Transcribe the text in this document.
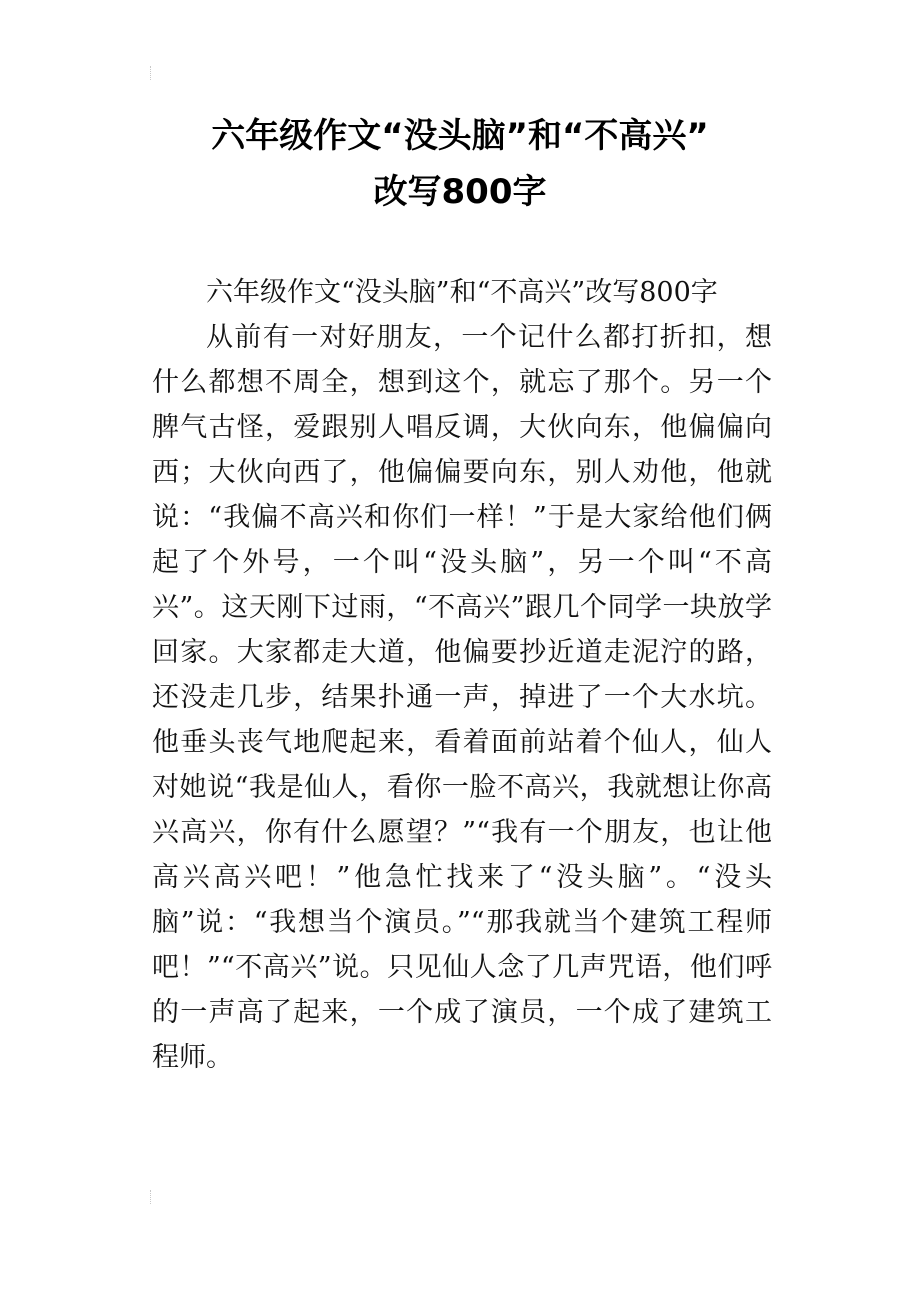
六年级作文“没头脑”和“不高兴”
改写800字

六年级作文“没头脑”和“不高兴”改写800字

从前有一对好朋友，一个记什么都打折扣，想什么都想不周全，想到这个，就忘了那个。另一个脾气古怪，爱跟别人唱反调，大伙向东，他偏偏向西；大伙向西了，他偏偏要向东，别人劝他，他就说：“我偏不高兴和你们一样！”于是大家给他们俩起了个外号，一个叫“没头脑”，另一个叫“不高兴”。这天刚下过雨，“不高兴”跟几个同学一块放学回家。大家都走大道，他偏要抄近道走泥泞的路，还没走几步，结果扑通一声，掉进了一个大水坑。他垂头丧气地爬起来，看着面前站着个仙人，仙人对她说“我是仙人，看你一脸不高兴，我就想让你高兴高兴，你有什么愿望？”“我有一个朋友，也让他高兴高兴吧！”他急忙找来了“没头脑”。“没头脑”说：“我想当个演员。”“那我就当个建筑工程师吧！”“不高兴”说。只见仙人念了几声咒语，他们呼的一声高了起来，一个成了演员，一个成了建筑工程师。
